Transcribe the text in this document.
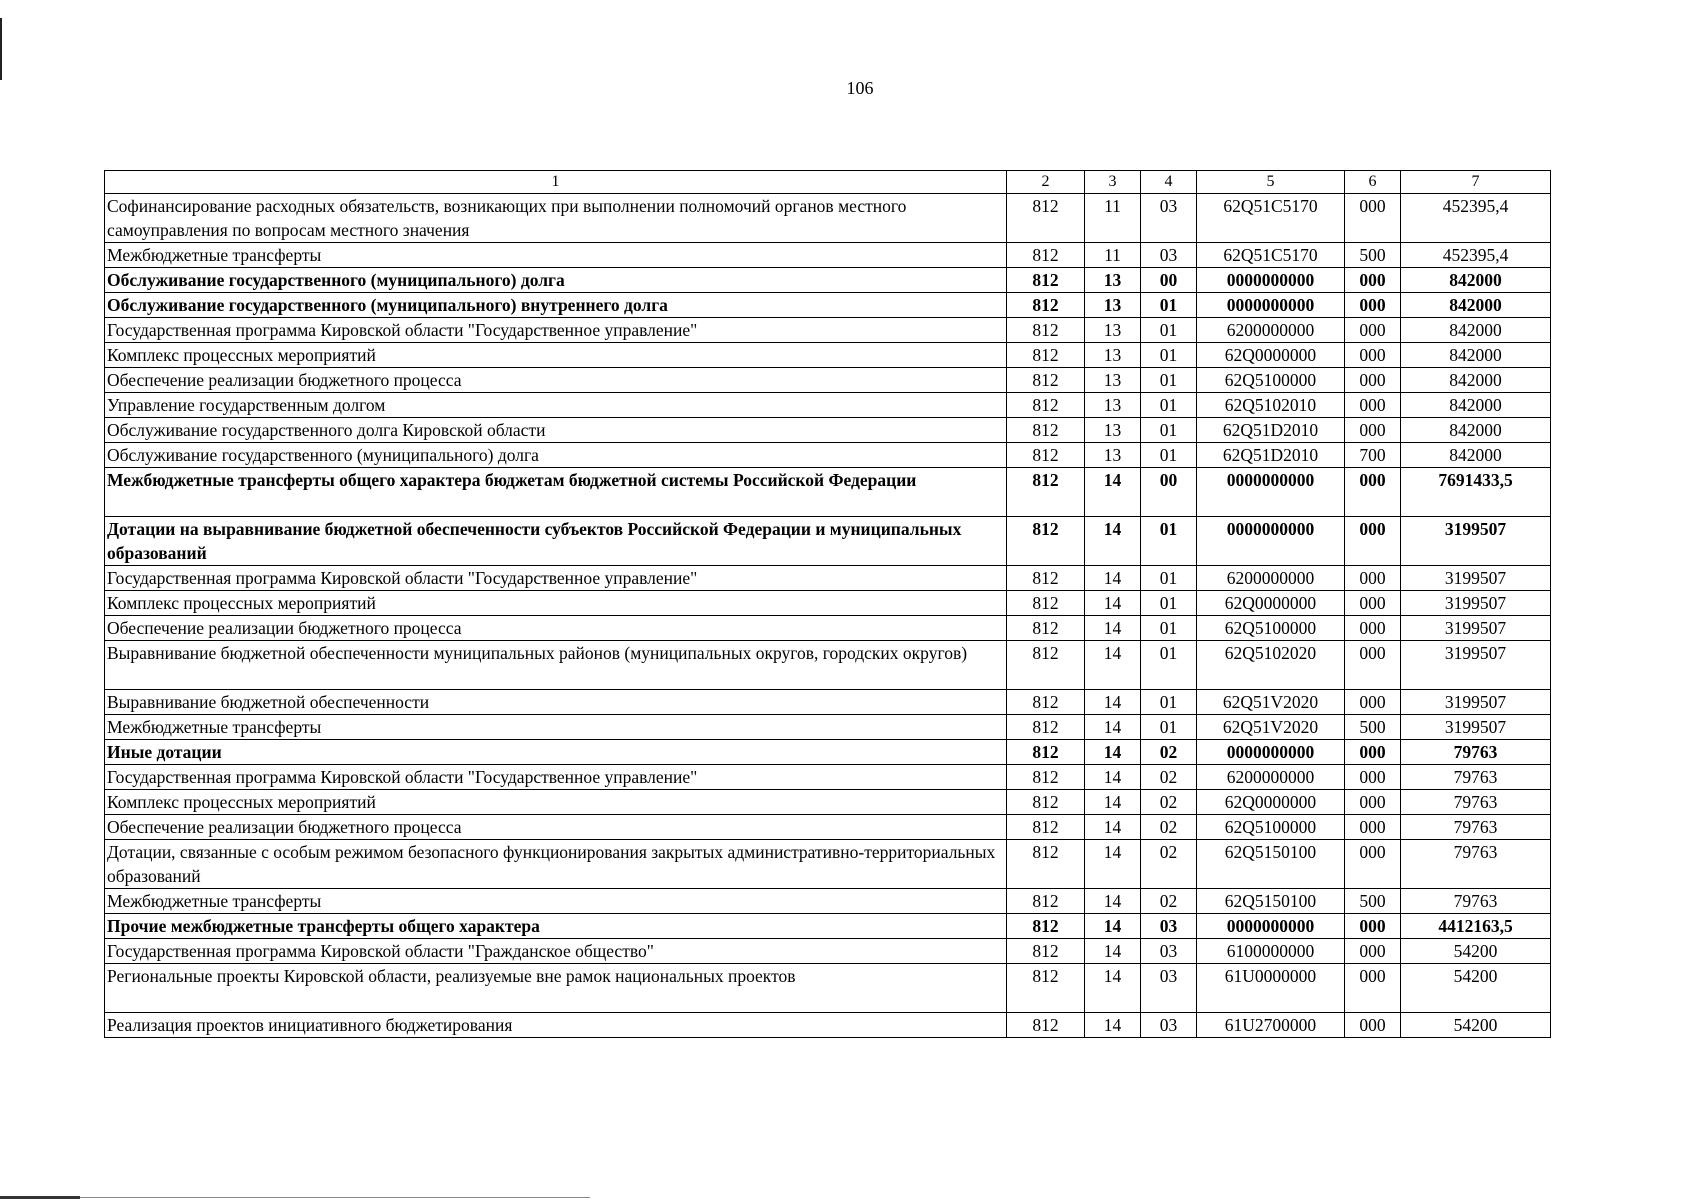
106
1	2	3	4	5	6	7
Софинансирование расходных обязательств, возникающих при выполнении полномочий органов местного самоуправления по вопросам местного значения	812	11	03	62Q51C5170	000	452395,4
Межбюджетные трансферты	812	11	03	62Q51C5170	500	452395,4
Обслуживание государственного (муниципального) долга	812	13	00	0000000000	000	842000
Обслуживание государственного (муниципального) внутреннего долга	812	13	01	0000000000	000	842000
Государственная программа Кировской области "Государственное управление"	812	13	01	6200000000	000	842000
Комплекс процессных мероприятий	812	13	01	62Q0000000	000	842000
Обеспечение реализации бюджетного процесса	812	13	01	62Q5100000	000	842000
Управление государственным долгом	812	13	01	62Q5102010	000	842000
Обслуживание государственного долга Кировской области	812	13	01	62Q51D2010	000	842000
Обслуживание государственного (муниципального) долга	812	13	01	62Q51D2010	700	842000
Межбюджетные трансферты общего характера бюджетам бюджетной системы Российской Федерации	812	14	00	0000000000	000	7691433,5
Дотации на выравнивание бюджетной обеспеченности субъектов Российской Федерации и муниципальных образований	812	14	01	0000000000	000	3199507
Государственная программа Кировской области "Государственное управление"	812	14	01	6200000000	000	3199507
Комплекс процессных мероприятий	812	14	01	62Q0000000	000	3199507
Обеспечение реализации бюджетного процесса	812	14	01	62Q5100000	000	3199507
Выравнивание бюджетной обеспеченности муниципальных районов (муниципальных округов, городских округов)	812	14	01	62Q5102020	000	3199507
Выравнивание бюджетной обеспеченности	812	14	01	62Q51V2020	000	3199507
Межбюджетные трансферты	812	14	01	62Q51V2020	500	3199507
Иные дотации	812	14	02	0000000000	000	79763
Государственная программа Кировской области "Государственное управление"	812	14	02	6200000000	000	79763
Комплекс процессных мероприятий	812	14	02	62Q0000000	000	79763
Обеспечение реализации бюджетного процесса	812	14	02	62Q5100000	000	79763
Дотации, связанные с особым режимом безопасного функционирования закрытых административно-территориальных образований	812	14	02	62Q5150100	000	79763
Межбюджетные трансферты	812	14	02	62Q5150100	500	79763
Прочие межбюджетные трансферты общего характера	812	14	03	0000000000	000	4412163,5
Государственная программа Кировской области "Гражданское общество"	812	14	03	6100000000	000	54200
Региональные проекты Кировской области, реализуемые вне рамок национальных проектов	812	14	03	61U0000000	000	54200
Реализация проектов инициативного бюджетирования	812	14	03	61U2700000	000	54200
